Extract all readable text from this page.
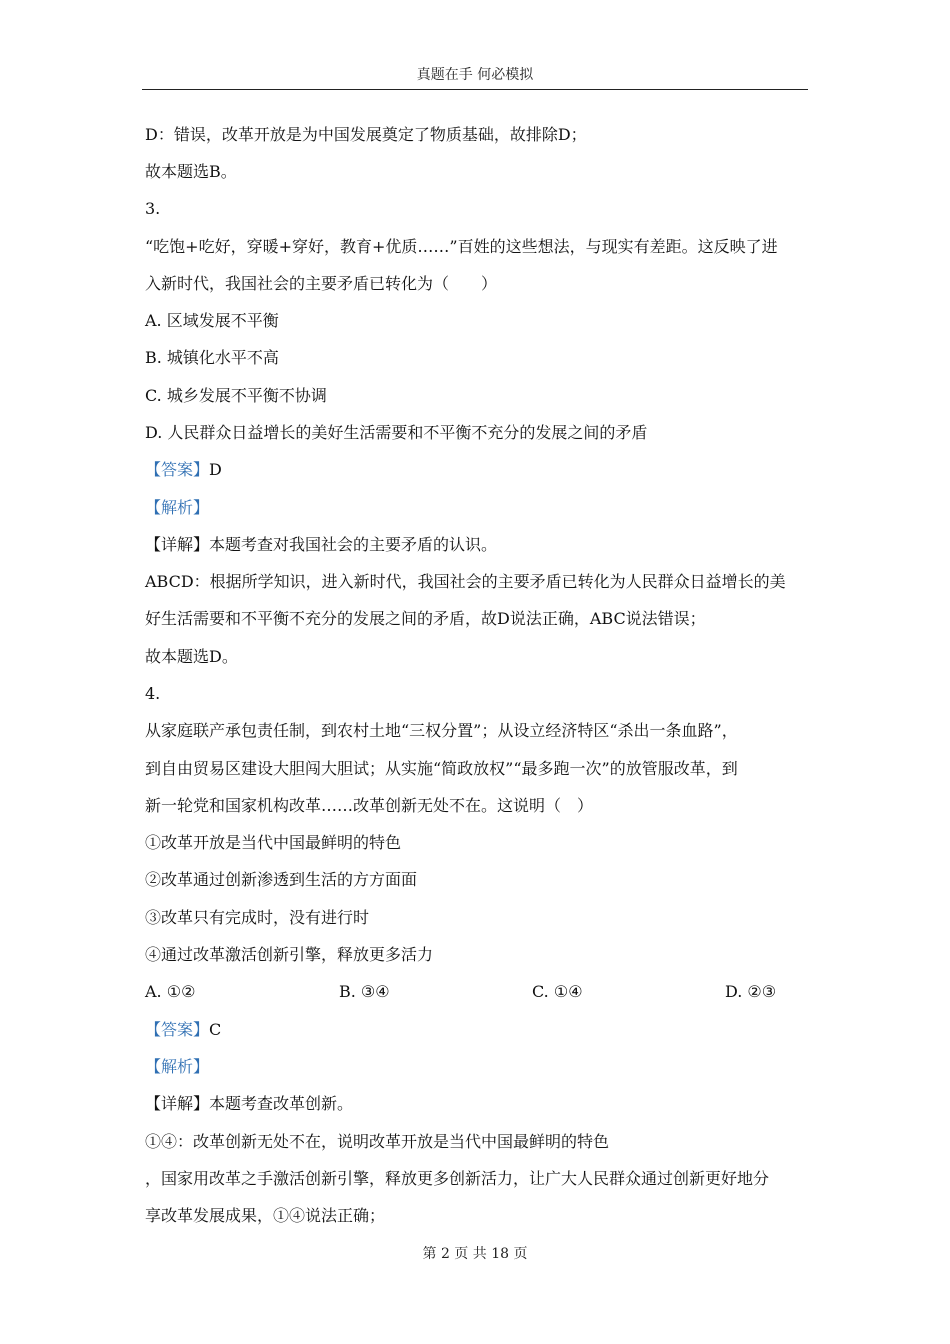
真题在手 何必模拟
D：错误，改革开放是为中国发展奠定了物质基础，故排除D；
故本题选B。
3.
“吃饱+吃好，穿暖+穿好，教育+优质……”百姓的这些想法，与现实有差距。这反映了进
入新时代，我国社会的主要矛盾已转化为（　　）
A. 区域发展不平衡
B. 城镇化水平不高
C. 城乡发展不平衡不协调
D. 人民群众日益增长的美好生活需要和不平衡不充分的发展之间的矛盾
【答案】D
【解析】
【详解】本题考查对我国社会的主要矛盾的认识。
ABCD：根据所学知识，进入新时代，我国社会的主要矛盾已转化为人民群众日益增长的美
好生活需要和不平衡不充分的发展之间的矛盾，故D说法正确，ABC说法错误；
故本题选D。
4.
从家庭联产承包责任制，到农村土地“三权分置”；从设立经济特区“杀出一条血路”，
到自由贸易区建设大胆闯大胆试；从实施“简政放权”“最多跑一次”的放管服改革，到
新一轮党和国家机构改革……改革创新无处不在。这说明（　）
①改革开放是当代中国最鲜明的特色
②改革通过创新渗透到生活的方方面面
③改革只有完成时，没有进行时
④通过改革激活创新引擎，释放更多活力
A. ①②	B. ③④	C. ①④	D. ②③
【答案】C
【解析】
【详解】本题考查改革创新。
①④：改革创新无处不在，说明改革开放是当代中国最鲜明的特色
，国家用改革之手激活创新引擎，释放更多创新活力，让广大人民群众通过创新更好地分
享改革发展成果，①④说法正确；
第 2 页 共 18 页
